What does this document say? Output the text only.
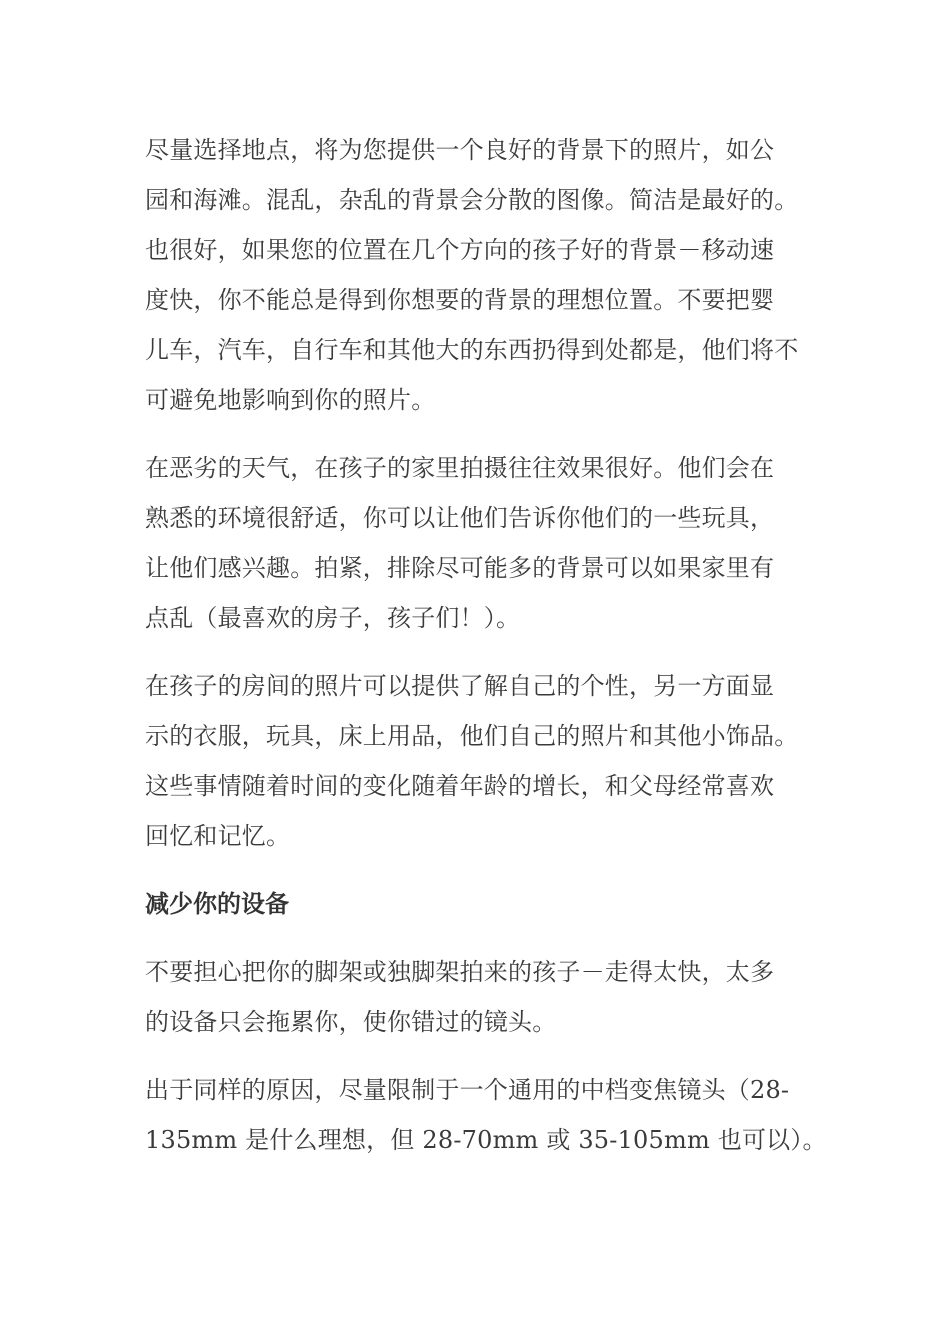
尽量选择地点，将为您提供一个良好的背景下的照片，如公
园和海滩。混乱，杂乱的背景会分散的图像。简洁是最好的。
也很好，如果您的位置在几个方向的孩子好的背景－移动速
度快，你不能总是得到你想要的背景的理想位置。不要把婴
儿车，汽车，自行车和其他大的东西扔得到处都是，他们将不
可避免地影响到你的照片。

在恶劣的天气，在孩子的家里拍摄往往效果很好。他们会在
熟悉的环境很舒适，你可以让他们告诉你他们的一些玩具，
让他们感兴趣。拍紧，排除尽可能多的背景可以如果家里有
点乱（最喜欢的房子，孩子们！）。

在孩子的房间的照片可以提供了解自己的个性，另一方面显
示的衣服，玩具，床上用品，他们自己的照片和其他小饰品。
这些事情随着时间的变化随着年龄的增长，和父母经常喜欢
回忆和记忆。

减少你的设备

不要担心把你的脚架或独脚架拍来的孩子－走得太快，太多
的设备只会拖累你，使你错过的镜头。

出于同样的原因，尽量限制于一个通用的中档变焦镜头（28-
135mm 是什么理想，但 28-70mm 或 35-105mm 也可以）。
